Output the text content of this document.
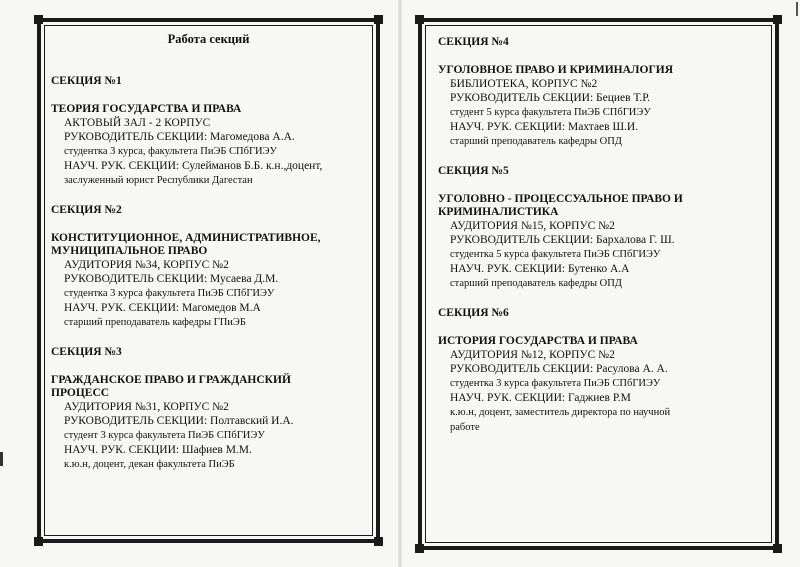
Работа секций
СЕКЦИЯ №1
ТЕОРИЯ ГОСУДАРСТВА И ПРАВА
АКТОВЫЙ ЗАЛ - 2 КОРПУС
РУКОВОДИТЕЛЬ СЕКЦИИ: Магомедова А.А.
студентка 3 курса, факультета ПиЭБ СПбГИЭУ
НАУЧ. РУК. СЕКЦИИ: Сулейманов Б.Б. к.н.,доцент,
заслуженный юрист Республики Дагестан
СЕКЦИЯ №2
КОНСТИТУЦИОННОЕ, АДМИНИСТРАТИВНОЕ,
МУНИЦИПАЛЬНОЕ ПРАВО
АУДИТОРИЯ №34, КОРПУС №2
РУКОВОДИТЕЛЬ СЕКЦИИ: Мусаева Д.М.
студентка 3 курса факультета ПиЭБ СПбГИЭУ
НАУЧ. РУК. СЕКЦИИ: Магомедов М.А
старший преподаватель кафедры ГПиЭБ
СЕКЦИЯ №3
ГРАЖДАНСКОЕ ПРАВО И ГРАЖДАНСКИЙ
ПРОЦЕСС
АУДИТОРИЯ №31, КОРПУС №2
РУКОВОДИТЕЛЬ СЕКЦИИ: Полтавский И.А.
студент 3 курса факультета ПиЭБ СПбГИЭУ
НАУЧ. РУК. СЕКЦИИ: Шафиев М.М.
к.ю.н, доцент, декан факультета ПиЭБ
СЕКЦИЯ №4
УГОЛОВНОЕ ПРАВО И КРИМИНАЛОГИЯ
БИБЛИОТЕКА, КОРПУС №2
РУКОВОДИТЕЛЬ СЕКЦИИ: Бециев Т.Р.
студент 5 курса факультета ПиЭБ СПбГИЭУ
НАУЧ. РУК. СЕКЦИИ: Махтаев Ш.И.
старший преподаватель кафедры ОПД
СЕКЦИЯ №5
УГОЛОВНО - ПРОЦЕССУАЛЬНОЕ ПРАВО И
КРИМИНАЛИСТИКА
АУДИТОРИЯ №15, КОРПУС №2
РУКОВОДИТЕЛЬ СЕКЦИИ: Бархалова Г. Ш.
студентка 5 курса факультета ПиЭБ СПбГИЭУ
НАУЧ. РУК. СЕКЦИИ: Бутенко А.А
старший преподаватель кафедры ОПД
СЕКЦИЯ №6
ИСТОРИЯ ГОСУДАРСТВА И ПРАВА
АУДИТОРИЯ №12, КОРПУС №2
РУКОВОДИТЕЛЬ СЕКЦИИ: Расулова А. А.
студентка 3 курса факультета ПиЭБ СПбГИЭУ
НАУЧ. РУК. СЕКЦИИ: Гаджиев Р.М
к.ю.н, доцент, заместитель директора по научной
работе
